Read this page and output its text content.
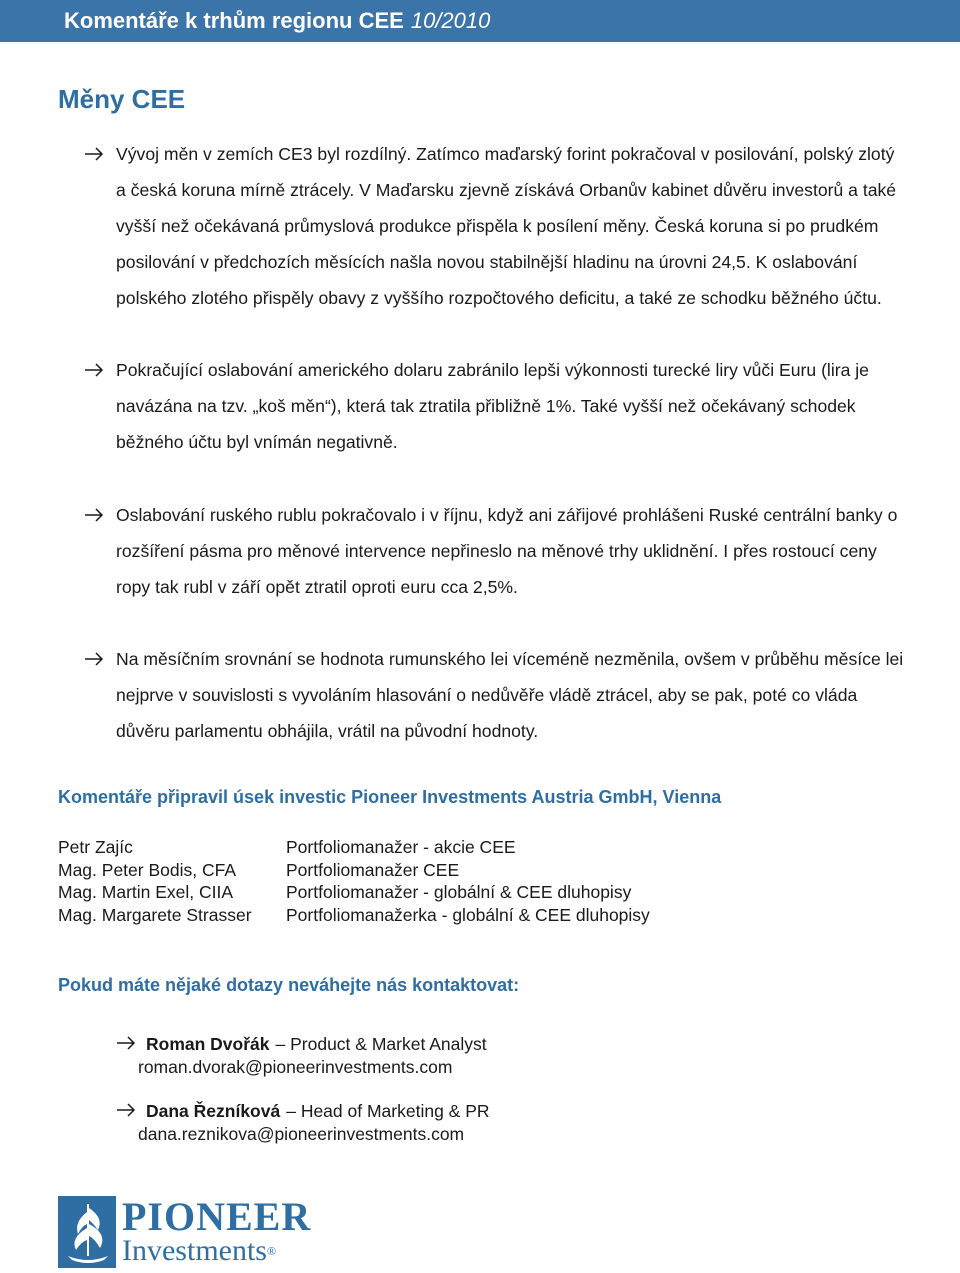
Komentáře k trhům regionu CEE 10/2010
Měny CEE
Vývoj měn v zemích CE3 byl rozdílný. Zatímco maďarský forint pokračoval v posilování, polský zlotý a česká koruna mírně ztrácely. V Maďarsku zjevně získává Orbanův kabinet důvěru investorů a také vyšší než očekávaná průmyslová produkce přispěla k posílení měny. Česká koruna si po prudkém posilování v předchozích měsících našla novou stabilnější hladinu na úrovni 24,5. K oslabování polského zlotého přispěly obavy z vyššího rozpočtového deficitu, a také ze schodku běžného účtu.
Pokračující oslabování amerického dolaru zabránilo lepši výkonnosti turecké liry vůči Euru (lira je navázána na tzv. „koš měn“), která tak ztratila přibližně 1%. Také vyšší než očekávaný schodek běžného účtu byl vnímán negativně.
Oslabování ruského rublu pokračovalo i v říjnu, když ani zářijové prohlášeni Ruské centrální banky o rozšíření pásma pro měnové intervence nepřineslo na měnové trhy uklidnění. I přes rostoucí ceny ropy tak rubl v září opět ztratil oproti euru cca 2,5%.
Na měsíčním srovnání se hodnota rumunského lei víceméně nezměnila, ovšem v průběhu měsíce lei nejprve v souvislosti s vyvoláním hlasování o nedůvěře vládě ztrácel, aby se pak, poté co vláda důvěru parlamentu obhájila, vrátil na původní hodnoty.
Komentáře připravil úsek investic Pioneer Investments Austria GmbH, Vienna
Petr Zajíc	Portfoliomanažer - akcie CEE
Mag. Peter Bodis, CFA	Portfoliomanažer CEE
Mag. Martin Exel, CIIA	Portfoliomanažer - globální & CEE dluhopisy
Mag. Margarete Strasser	Portfoliomanažerka - globální & CEE dluhopisy
Pokud máte nějaké dotazy neváhejte nás kontaktovat:
Roman Dvořák – Product & Market Analyst
roman.dvorak@pioneerinvestments.com
Dana Řezníková – Head of Marketing & PR
dana.reznikova@pioneerinvestments.com
PIONEER
Investments®
